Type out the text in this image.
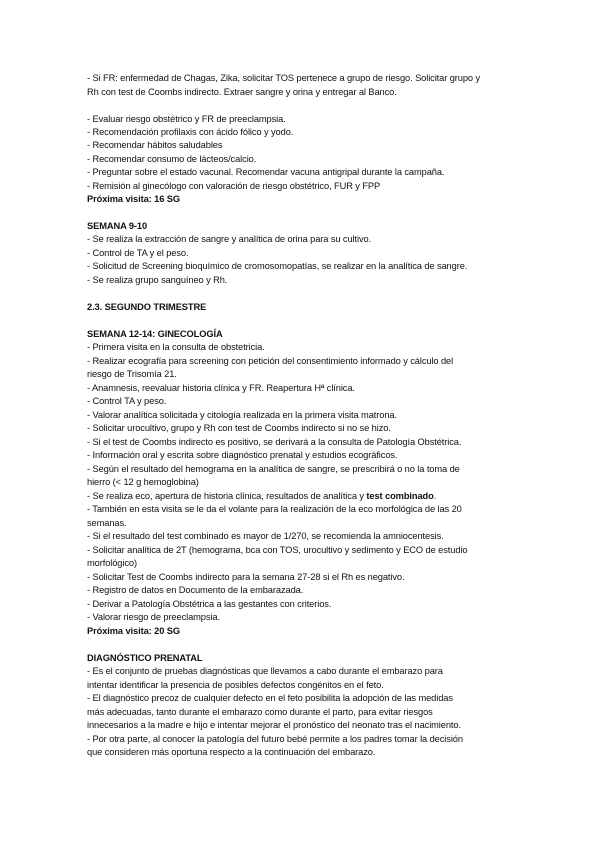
- Si FR: enfermedad de Chagas, Zika, solicitar TOS pertenece a grupo de riesgo. Solicitar grupo y
Rh con test de Coombs indirecto. Extraer sangre y orina y entregar al Banco.
- Evaluar riesgo obstétrico y FR de preeclampsia.
- Recomendación profilaxis con ácido fólico y yodo.
- Recomendar hábitos saludables
- Recomendar consumo de lácteos/calcio.
- Preguntar sobre el estado vacunal. Recomendar vacuna antigripal durante la campaña.
- Remisión al ginecólogo con valoración de riesgo obstétrico, FUR y FPP
Próxima visita: 16 SG
SEMANA 9-10
- Se realiza la extracción de sangre y analítica de orina para su cultivo.
- Control de TA y el peso.
- Solicitud de Screening bioquímico de cromosomopatías, se realizar en la analítica de sangre.
- Se realiza grupo sanguíneo y Rh.
2.3. SEGUNDO TRIMESTRE
SEMANA 12-14: GINECOLOGÍA
- Primera visita en la consulta de obstetricia.
- Realizar ecografía para screening con petición del consentimiento informado y cálculo del
riesgo de Trisomía 21.
- Anamnesis, reevaluar historia clínica y FR. Reapertura Hª clínica.
- Control TA y peso.
- Valorar analítica solicitada y citología realizada en la primera visita matrona.
- Solicitar urocultivo, grupo y Rh con test de Coombs indirecto si no se hizo.
- Si el test de Coombs indirecto es positivo, se derivará a la consulta de Patología Obstétrica.
- Información oral y escrita sobre diagnóstico prenatal y estudios ecográficos.
- Según el resultado del hemograma en la analítica de sangre, se prescribirá o no la toma de
hierro (< 12 g hemoglobina)
- Se realiza eco, apertura de historia clínica, resultados de analítica y test combinado.
- También en esta visita se le da el volante para la realización de la eco morfológica de las 20
semanas.
- Si el resultado del test combinado es mayor de 1/270, se recomienda la amniocentesis.
- Solicitar analítica de 2T (hemograma, bca con TOS, urocultivo y sedimento y ECO de estudio
morfológico)
- Solicitar Test de Coombs indirecto para la semana 27-28 si el Rh es negativo.
- Registro de datos en Documento de la embarazada.
- Derivar a Patología Obstétrica a las gestantes con criterios.
- Valorar riesgo de preeclampsia.
Próxima visita: 20 SG
DIAGNÓSTICO PRENATAL
- Es el conjunto de pruebas diagnósticas que llevamos a cabo durante el embarazo para
intentar identificar la presencia de posibles defectos congénitos en el feto.
- El diagnóstico precoz de cualquier defecto en el feto posibilita la adopción de las medidas
más adecuadas, tanto durante el embarazo como durante el parto, para evitar riesgos
innecesarios a la madre e hijo e intentar mejorar el pronóstico del neonato tras el nacimiento.
- Por otra parte, al conocer la patología del futuro bebé permite a los padres tomar la decisión
que consideren más oportuna respecto a la continuación del embarazo.
